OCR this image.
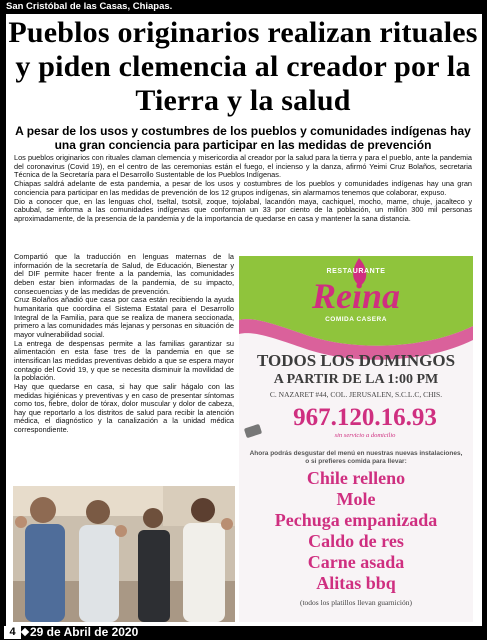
San Cristóbal de las Casas, Chiapas.
Pueblos originarios realizan rituales y piden clemencia al creador por la Tierra y la salud
A pesar de los usos y costumbres de los pueblos y comunidades indígenas hay una gran conciencia para participar en las medidas de prevención

Los pueblos originarios con rituales claman clemencia y misericordia al creador por la salud para la tierra y para el pueblo, ante la pandemia del coronavirus (Covid 19), en el centro de las ceremonias están el fuego, el incienso y la danza, afirmó Yeimi Cruz Bolaños, secretaria Técnica de la Secretaría para el Desarrollo Sustentable de los Pueblos Indígenas.

Chiapas saldrá adelante de esta pandemia, a pesar de los usos y costumbres de los pueblos y comunidades indígenas hay una gran conciencia para participar en las medidas de prevención de los 12 grupos indígenas, sin alarmarnos tenemos que colaborar, expuso.

Dio a conocer que, en las lenguas chol, tseltal, tsotsil, zoque, tojolabal, lacandón maya, cachiquel, mocho, mame, chuje, jacalteco y cabubal, se informa a las comunidades indígenas que conforman un 33 por ciento de la población, un millón 300 mil personas aproximadamente, de la presencia de la pandemia y de la importancia de quedarse en casa y mantener la sana distancia.

Compartió que la traducción en lenguas maternas de la información de la secretaría de Salud, de Educación, Bienestar y del DIF permite hacer frente a la pandemia, las comunidades deben estar bien informadas de la pandemia, de su impacto, consecuencias y de las medidas de prevención.

Cruz Bolaños añadió que casa por casa están recibiendo la ayuda humanitaria que coordina el Sistema Estatal para el Desarrollo Integral de la Familia, para que se realiza de manera seccionada, primero a las comunidades más lejanas y personas en situación de mayor vulnerabilidad social.

La entrega de despensas permite a las familias garantizar su alimentación en esta fase tres de la pandemia en que se intensifican las medidas preventivas debido a que se espera mayor contagio del Covid 19, y que se necesita disminuir la movilidad de la población.

Hay que quedarse en casa, si hay que salir hágalo con las medidas higiénicas y preventivas y en caso de presentar síntomas como tos, fiebre, dolor de tórax, dolor muscular y dolor de cabeza, hay que reportarlo a los distritos de salud para recibir la atención médica, el diagnóstico y la canalización a la unidad médica correspondiente.

RESTAURANTE
Reina
COMIDA CASERA
TODOS LOS DOMINGOS
A PARTIR DE LA 1:00 PM
C. NAZARET #44, COL. JERUSALEN, S.C.L.C, CHIS.
967.120.16.93
sin servicio a domicilio
Ahora podrás desgustar del menú en nuestras nuevas instalaciones, o si prefieres comida para llevar:
Chile relleno
Mole
Pechuga empanizada
Caldo de res
Carne asada
Alitas bbq
(todos los platillos llevan guarnición)
4	29 de Abril de 2020
